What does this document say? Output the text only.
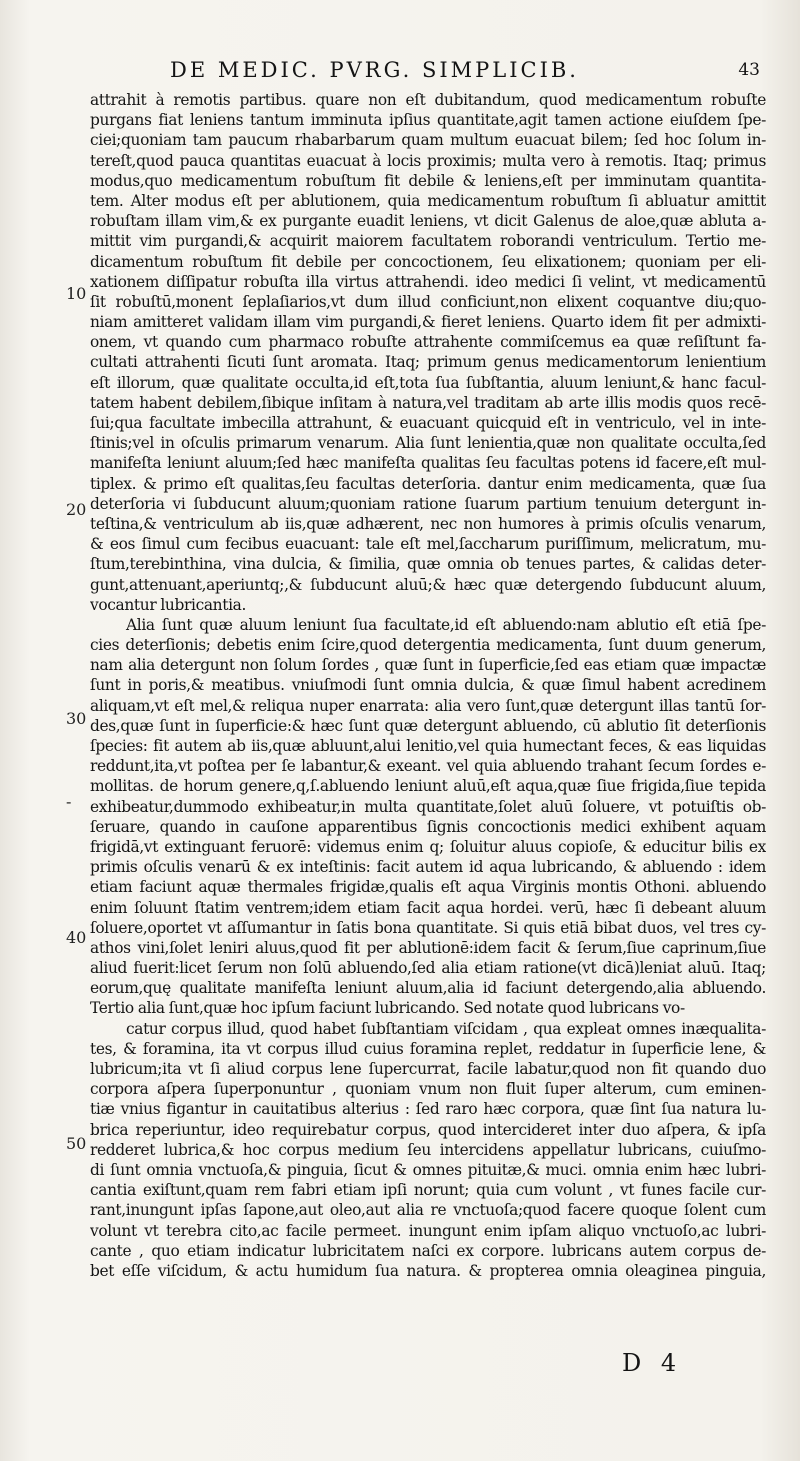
DE MEDIC. PVRG. SIMPLICIB.	43
10
20
30
-
40
50
attrahit à remotis partibus. quare non eſt dubitandum, quod medicamentum robuſte
purgans fiat leniens tantum imminuta ipſius quantitate,agit tamen actione eiuſdem ſpe-
ciei;quoniam tam paucum rhabarbarum quam multum euacuat bilem; ſed hoc ſolum in-
tereſt,quod pauca quantitas euacuat à locis proximis; multa vero à remotis. Itaq; primus
modus,quo medicamentum robuſtum fit debile & leniens,eſt per imminutam quantita-
tem. Alter modus eſt per ablutionem, quia medicamentum robuſtum ſi abluatur amittit
robuſtam illam vim,& ex purgante euadit leniens, vt dicit Galenus de aloe,quæ abluta a-
mittit vim purgandi,& acquirit maiorem facultatem roborandi ventriculum. Tertio me-
dicamentum robuſtum fit debile per concoctionem, ſeu elixationem; quoniam per eli-
xationem diſſipatur robuſta illa virtus attrahendi. ideo medici ſi velint, vt medicamentū
ſit robuſtū,monent ſeplaſiarios,vt dum illud conficiunt,non elixent coquantve diu;quo-
niam amitteret validam illam vim purgandi,& fieret leniens. Quarto idem fit per admixti-
onem, vt quando cum pharmaco robuſte attrahente commiſcemus ea quæ reſiſtunt fa-
cultati attrahenti ſicuti ſunt aromata. Itaq; primum genus medicamentorum lenientium
eſt illorum, quæ qualitate occulta,id eſt,tota ſua ſubſtantia, aluum leniunt,& hanc facul-
tatem habent debilem,ſibique inſitam à natura,vel traditam ab arte illis modis quos recē-
ſui;qua facultate imbecilla attrahunt, & euacuant quicquid eſt in ventriculo, vel in inte-
ſtinis;vel in oſculis primarum venarum. Alia ſunt lenientia,quæ non qualitate occulta,ſed
manifeſta leniunt aluum;ſed hæc manifeſta qualitas ſeu facultas potens id facere,eſt mul-
tiplex. & primo eſt qualitas,ſeu facultas deterſoria. dantur enim medicamenta, quæ ſua
deterſoria vi ſubducunt aluum;quoniam ratione ſuarum partium tenuium detergunt in-
teſtina,& ventriculum ab iis,quæ adhærent, nec non humores à primis oſculis venarum,
& eos ſimul cum fecibus euacuant: tale eſt mel,ſaccharum puriſſimum, melicratum, mu-
ſtum,terebinthina, vina dulcia, & ſimilia, quæ omnia ob tenues partes, & calidas deter-
gunt,attenuant,aperiuntq;,& ſubducunt aluū;& hæc quæ detergendo ſubducunt aluum,
vocantur lubricantia.
Alia ſunt quæ aluum leniunt ſua facultate,id eſt abluendo:nam ablutio eſt etiā ſpe-
cies deterſionis; debetis enim ſcire,quod detergentia medicamenta, ſunt duum generum,
nam alia detergunt non ſolum ſordes , quæ ſunt in ſuperficie,ſed eas etiam quæ impactæ
ſunt in poris,& meatibus. vniuſmodi ſunt omnia dulcia, & quæ ſimul habent acredinem
aliquam,vt eſt mel,& reliqua nuper enarrata: alia vero ſunt,quæ detergunt illas tantū ſor-
des,quæ ſunt in ſuperficie:& hæc ſunt quæ detergunt abluendo, cū ablutio ſit deterſionis
ſpecies: fit autem ab iis,quæ abluunt,alui lenitio,vel quia humectant feces, & eas liquidas
reddunt,ita,vt poſtea per ſe labantur,& exeant. vel quia abluendo trahant ſecum ſordes e-
mollitas. de horum genere,q,ſ.abluendo leniunt aluū,eſt aqua,quæ ſiue frigida,ſiue tepida
exhibeatur,dummodo exhibeatur,in multa quantitate,ſolet aluū ſoluere, vt potuiſtis ob-
ſeruare, quando in cauſone apparentibus ſignis concoctionis medici exhibent aquam
frigidā,vt extinguant feruorē: videmus enim q; ſoluitur aluus copioſe, & educitur bilis ex
primis oſculis venarū & ex inteſtinis: facit autem id aqua lubricando, & abluendo : idem
etiam faciunt aquæ thermales frigidæ,qualis eſt aqua Virginis montis Othoni. abluendo
enim ſoluunt ſtatim ventrem;idem etiam facit aqua hordei. verū, hæc ſi debeant aluum
ſoluere,oportet vt aſſumantur in ſatis bona quantitate. Si quis etiā bibat duos, vel tres cy-
athos vini,ſolet leniri aluus,quod fit per ablutionē:idem facit & ſerum,ſiue caprinum,ſiue
aliud fuerit:licet ſerum non ſolū abluendo,ſed alia etiam ratione(vt dicā)leniat aluū. Itaq;
eorum,quę qualitate manifeſta leniunt aluum,alia id faciunt detergendo,alia abluendo.
Tertio alia ſunt,quæ hoc ipſum faciunt lubricando. Sed notate quod lubricans vo-
catur corpus illud, quod habet ſubſtantiam viſcidam , qua expleat omnes inæqualita-
tes, & foramina, ita vt corpus illud cuius foramina replet, reddatur in ſuperficie lene, &
lubricum;ita vt ſi aliud corpus lene ſupercurrat, facile labatur,quod non fit quando duo
corpora aſpera ſuperponuntur , quoniam vnum non fluit ſuper alterum, cum eminen-
tiæ vnius figantur in cauitatibus alterius : ſed raro hæc corpora, quæ ſint ſua natura lu-
brica reperiuntur, ideo requirebatur corpus, quod intercideret inter duo aſpera, & ipſa
redderet lubrica,& hoc corpus medium ſeu intercidens appellatur lubricans, cuiuſmo-
di ſunt omnia vnctuoſa,& pinguia, ſicut & omnes pituitæ,& muci. omnia enim hæc lubri-
cantia exiſtunt,quam rem fabri etiam ipſi norunt; quia cum volunt , vt funes facile cur-
rant,inungunt ipſas ſapone,aut oleo,aut alia re vnctuoſa;quod facere quoque ſolent cum
volunt vt terebra cito,ac facile permeet. inungunt enim ipſam aliquo vnctuoſo,ac lubri-
cante , quo etiam indicatur lubricitatem naſci ex corpore. lubricans autem corpus de-
bet eſſe viſcidum, & actu humidum ſua natura. & propterea omnia oleaginea pinguia,
D 4
